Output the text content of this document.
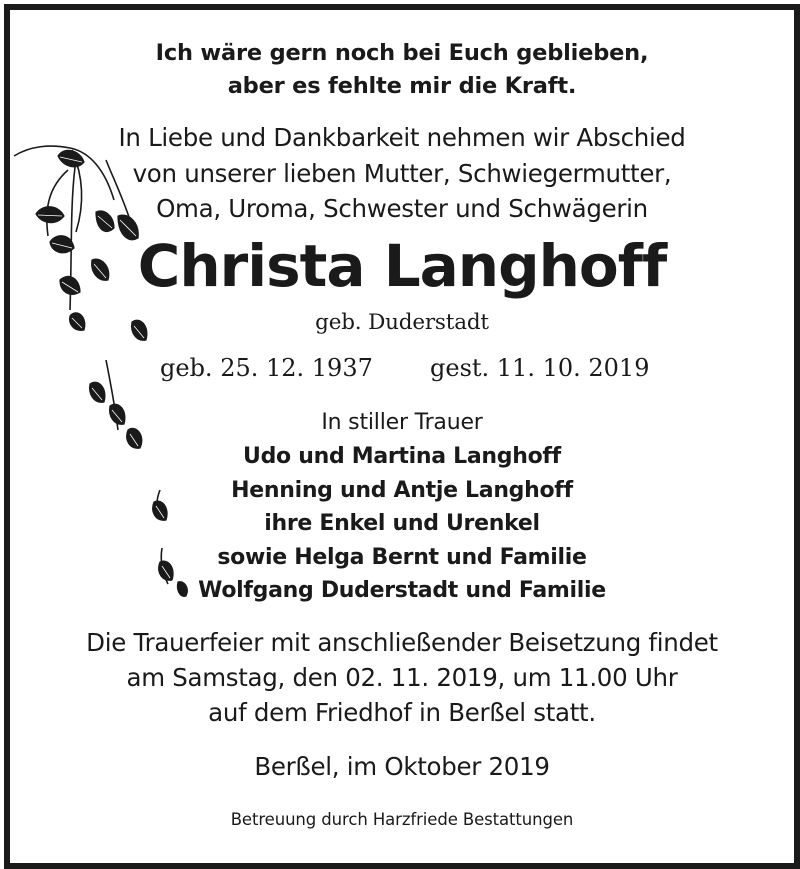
Ich wäre gern noch bei Euch geblieben,
aber es fehlte mir die Kraft.
In Liebe und Dankbarkeit nehmen wir Abschied
von unserer lieben Mutter, Schwiegermutter,
Oma, Uroma, Schwester und Schwägerin
Christa Langhoff
geb. Duderstadt
geb. 25. 12. 1937 gest. 11. 10. 2019
In stiller Trauer
Udo und Martina Langhoff
Henning und Antje Langhoff
ihre Enkel und Urenkel
sowie Helga Bernt und Familie
Wolfgang Duderstadt und Familie
Die Trauerfeier mit anschließender Beisetzung findet
am Samstag, den 02. 11. 2019, um 11.00 Uhr
auf dem Friedhof in Berßel statt.
Berßel, im Oktober 2019
Betreuung durch Harzfriede Bestattungen
